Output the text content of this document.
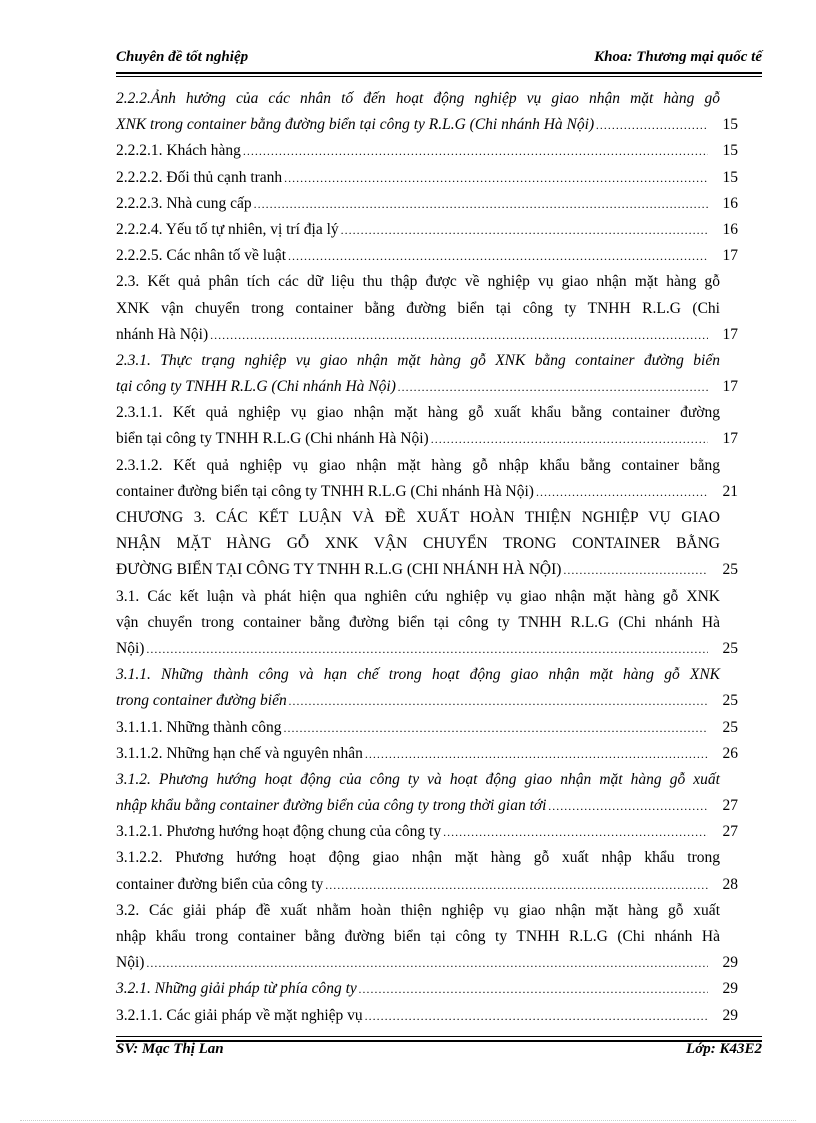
Chuyên đề tốt nghiệp	Khoa: Thương mại quốc tế
2.2.2.Ảnh hưởng của các nhân tố đến hoạt động nghiệp vụ giao nhận mặt hàng gỗ
XNK trong container bằng đường biển tại công ty R.L.G (Chi nhánh Hà Nội) .....	15
2.2.2.1. Khách hàng .....	15
2.2.2.2. Đối thủ cạnh tranh .....	15
2.2.2.3. Nhà cung cấp .....	16
2.2.2.4. Yếu tố tự nhiên, vị trí địa lý .....	16
2.2.2.5. Các nhân tố về luật .....	17
2.3. Kết quả phân tích các dữ liệu thu thập được về nghiệp vụ giao nhận mặt hàng gỗ
XNK vận chuyển trong container bằng đường biển tại công ty TNHH R.L.G (Chi
nhánh Hà Nội) .....	17
2.3.1. Thực trạng nghiệp vụ giao nhận mặt hàng gỗ XNK bằng container đường biển
tại công ty TNHH R.L.G (Chi nhánh Hà Nội) .....	17
2.3.1.1. Kết quả nghiệp vụ giao nhận mặt hàng gỗ xuất khẩu bằng container đường
biển tại công ty TNHH R.L.G (Chi nhánh Hà Nội) .....	17
2.3.1.2. Kết quả nghiệp vụ giao nhận mặt hàng gỗ nhập khẩu bằng container bằng
container đường biển tại công ty TNHH R.L.G (Chi nhánh Hà Nội) .....	21
CHƯƠNG 3. CÁC KẾT LUẬN VÀ ĐỀ XUẤT HOÀN THIỆN NGHIỆP VỤ GIAO
NHẬN MẶT HÀNG GỖ XNK VẬN CHUYỂN TRONG CONTAINER BẰNG
ĐƯỜNG BIỂN TẠI CÔNG TY TNHH R.L.G (CHI NHÁNH HÀ NỘI) .....	25
3.1. Các kết luận và phát hiện qua nghiên cứu nghiệp vụ giao nhận mặt hàng gỗ XNK
vận chuyển trong container bằng đường biển tại công ty TNHH R.L.G (Chi nhánh Hà
Nội) .....	25
3.1.1. Những thành công và hạn chế trong hoạt động giao nhận mặt hàng gỗ XNK
trong container đường biển .....	25
3.1.1.1. Những thành công .....	25
3.1.1.2. Những hạn chế và nguyên nhân .....	26
3.1.2. Phương hướng hoạt động của công ty và hoạt động giao nhận mặt hàng gỗ xuất
nhập khẩu bằng container đường biển của công ty trong thời gian tới .....	27
3.1.2.1. Phương hướng hoạt động chung của công ty .....	27
3.1.2.2. Phương hướng hoạt động giao nhận mặt hàng gỗ xuất nhập khẩu trong
container đường biển của công ty .....	28
3.2. Các giải pháp đề xuất nhằm hoàn thiện nghiệp vụ giao nhận mặt hàng gỗ xuất
nhập khẩu trong container bằng đường biển tại công ty TNHH R.L.G (Chi nhánh Hà
Nội) .....	29
3.2.1. Những giải pháp từ phía công ty .....	29
3.2.1.1. Các giải pháp về mặt nghiệp vụ .....	29
SV: Mạc Thị Lan	Lớp: K43E2
